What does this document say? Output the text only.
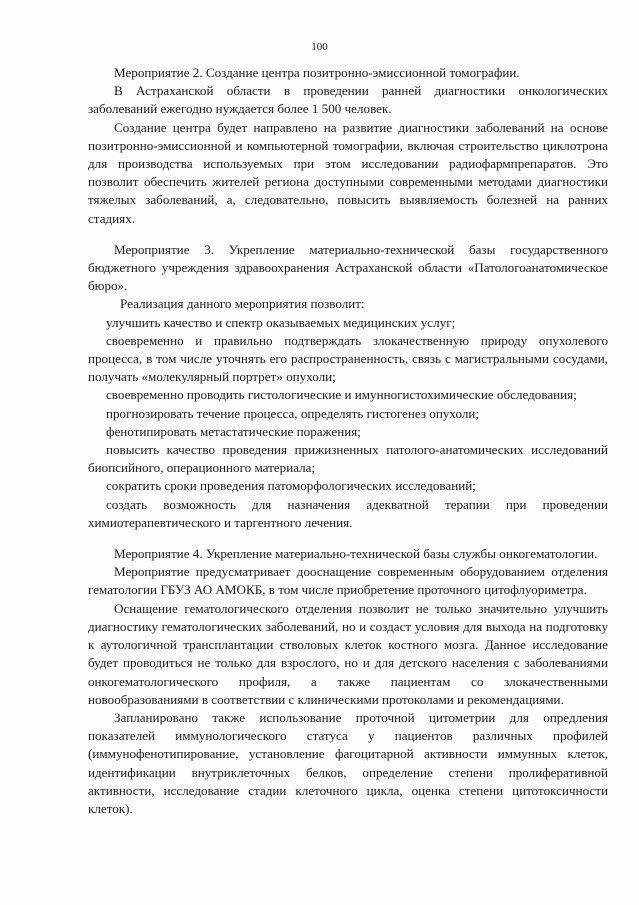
100

Мероприятие 2. Создание центра позитронно-эмиссионной томографии.

В Астраханской области в проведении ранней диагностики онкологических заболеваний ежегодно нуждается более 1 500 человек.

Создание центра будет направлено на развитие диагностики заболеваний на основе позитронно-эмиссионной и компьютерной томографии, включая строительство циклотрона для производства используемых при этом исследовании радиофармпрепаратов. Это позволит обеспечить жителей региона доступными современными методами диагностики тяжелых заболеваний, а, следовательно, повысить выявляемость болезней на ранних стадиях.

Мероприятие 3. Укрепление материально-технической базы государственного бюджетного учреждения здравоохранения Астраханской области «Патологоанатомическое бюро».

Реализация данного мероприятия позволит:

улучшить качество и спектр оказываемых медицинских услуг;

своевременно и правильно подтверждать злокачественную природу опухолевого процесса, в том числе уточнять его распространенность, связь с магистральными сосудами, получать «молекулярный портрет» опухоли;

своевременно проводить гистологические и имунногистохимические обследования;

прогнозировать течение процесса, определять гистогенез опухоли;

фенотипировать метастатические поражения;

повысить качество проведения прижизненных патолого-анатомических исследований биопсийного, операционного материала;

сократить сроки проведения патоморфологических исследований;

создать возможность для назначения адекватной терапии при проведении химиотерапевтического и таргентного лечения.

Мероприятие 4. Укрепление материально-технической базы службы онкогематологии.

Мероприятие предусматривает дооснащение современным оборудованием отделения гематологии ГБУЗ АО АМОКБ, в том числе приобретение проточного цитофлуориметра.

Оснащение гематологического отделения позволит не только значительно улучшить диагностику гематологических заболеваний, но и создаст условия для выхода на подготовку к аутологичной трансплантации стволовых клеток костного мозга. Данное исследование будет проводиться не только для взрослого, но и для детского населения с заболеваниями онкогематологического профиля, а также пациентам со злокачественными новообразованиями в соответствии с клиническими протоколами и рекомендациями.

Запланировано также использование проточной цитометрии для опредления показателей иммунологического статуса у пациентов различных профилей (иммунофенотипирование, установление фагоцитарной активности иммунных клеток, идентификации внутриклеточных белков, определение степени пролиферативной активности, исследование стадии клеточного цикла, оценка степени цитотоксичности клеток).
